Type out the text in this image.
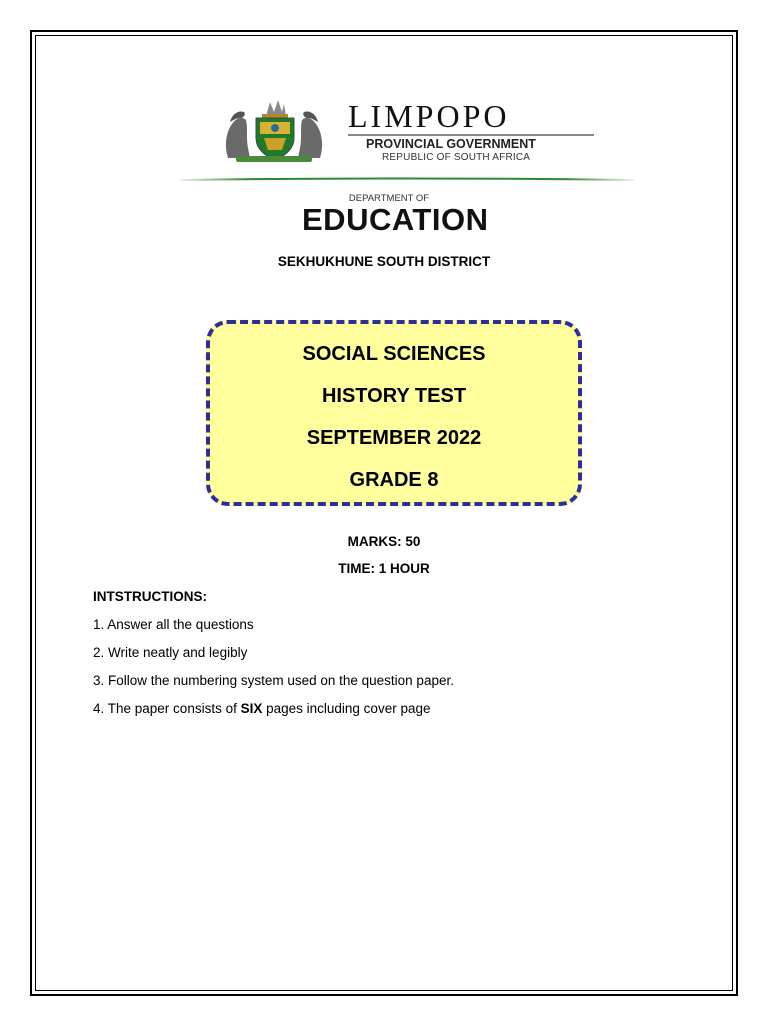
LIMPOPO
PROVINCIAL GOVERNMENT
REPUBLIC OF SOUTH AFRICA
DEPARTMENT OF
EDUCATION
SEKHUKHUNE SOUTH DISTRICT
SOCIAL SCIENCES
HISTORY TEST
SEPTEMBER 2022
GRADE 8
MARKS: 50
TIME: 1 HOUR
INTSTRUCTIONS:
1. Answer all the questions
2. Write neatly and legibly
3. Follow the numbering system used on the question paper.
4. The paper consists of SIX pages including cover page
